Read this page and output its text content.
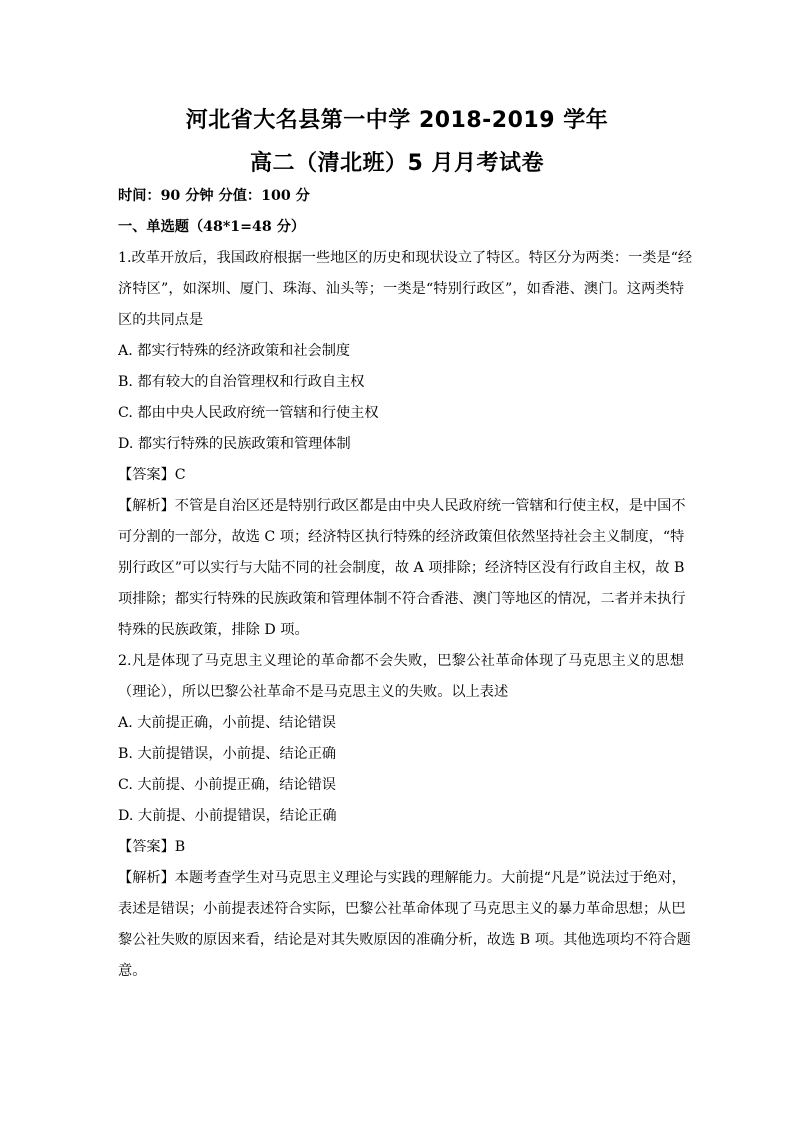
河北省大名县第一中学 2018-2019 学年
高二（清北班）5 月月考试卷
时间：90 分钟 分值：100 分
一、单选题（48*1=48 分）
1.改革开放后，我国政府根据一些地区的历史和现状设立了特区。特区分为两类：一类是“经
济特区”，如深圳、厦门、珠海、汕头等；一类是“特别行政区”，如香港、澳门。这两类特
区的共同点是
A. 都实行特殊的经济政策和社会制度
B. 都有较大的自治管理权和行政自主权
C. 都由中央人民政府统一管辖和行使主权
D. 都实行特殊的民族政策和管理体制
【答案】C
【解析】不管是自治区还是特别行政区都是由中央人民政府统一管辖和行使主权，是中国不
可分割的一部分，故选 C 项；经济特区执行特殊的经济政策但依然坚持社会主义制度，“特
别行政区”可以实行与大陆不同的社会制度，故 A 项排除；经济特区没有行政自主权，故 B
项排除；都实行特殊的民族政策和管理体制不符合香港、澳门等地区的情况，二者并未执行
特殊的民族政策，排除 D 项。
2.凡是体现了马克思主义理论的革命都不会失败，巴黎公社革命体现了马克思主义的思想
（理论），所以巴黎公社革命不是马克思主义的失败。以上表述
A. 大前提正确，小前提、结论错误
B. 大前提错误，小前提、结论正确
C. 大前提、小前提正确，结论错误
D. 大前提、小前提错误，结论正确
【答案】B
【解析】本题考查学生对马克思主义理论与实践的理解能力。大前提“凡是”说法过于绝对，
表述是错误；小前提表述符合实际，巴黎公社革命体现了马克思主义的暴力革命思想；从巴
黎公社失败的原因来看，结论是对其失败原因的准确分析，故选 B 项。其他选项均不符合题
意。
